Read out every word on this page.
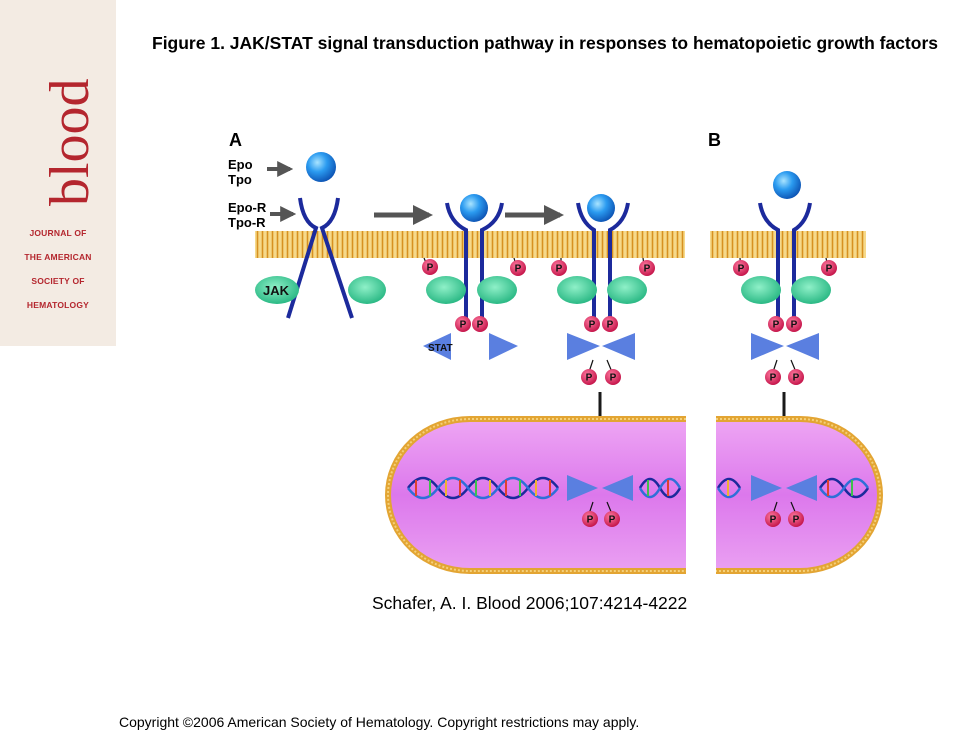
blood
JOURNAL OF
THE AMERICAN
SOCIETY OF
HEMATOLOGY
Figure 1. JAK/STAT signal transduction pathway in responses to hematopoietic growth factors
A	B
Epo
Tpo
Epo-R
Tpo-R
JAK
STAT
P	P	P	P	P	P
P P	P P	P P
P P	P P
P P	P P
Schafer, A. I. Blood 2006;107:4214-4222
Copyright ©2006 American Society of Hematology. Copyright restrictions may apply.
